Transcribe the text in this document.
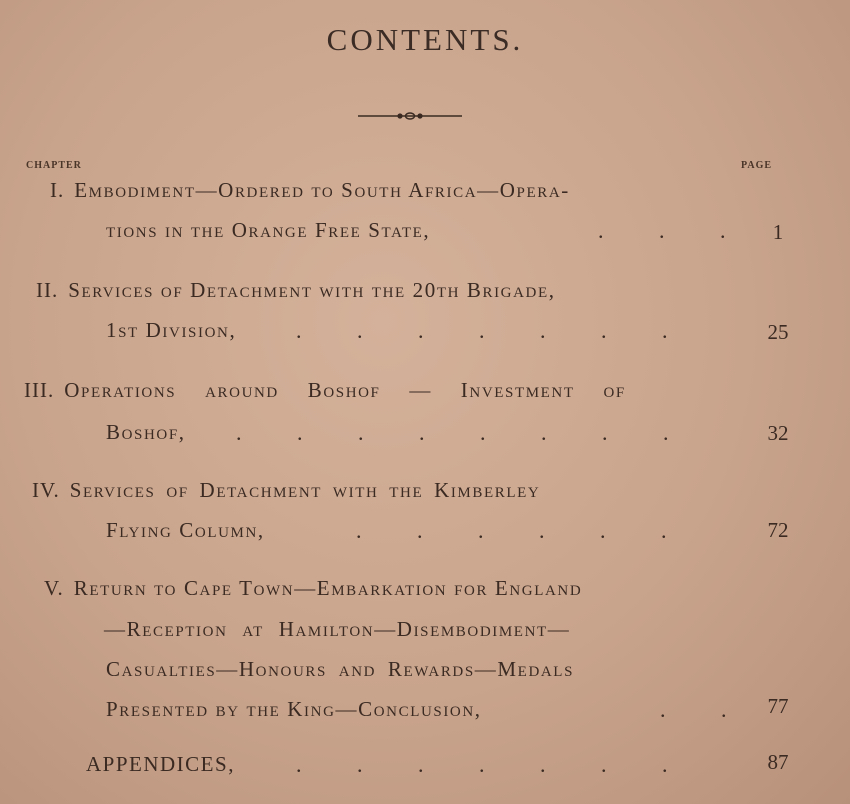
CONTENTS.
CHAPTER	PAGE
I. Embodiment—Ordered to South Africa—Opera-
tions in the Orange Free State,	.	.	.	1
II. Services of Detachment with the 20th Brigade,
1st Division,	.	.	.	.	.	.	.	25
III. Operations around Boshof — Investment of
Boshof, .	.	.	.	.	.	.	.	32
IV. Services of Detachment with the Kimberley
Flying Column,	.	.	.	.	.	.	72
V. Return to Cape Town—Embarkation for England
—Reception at Hamilton—Disembodiment—
Casualties—Honours and Rewards—Medals
Presented by the King—Conclusion,	.	.	77
APPENDICES,	.	.	.	.	.	.	.	87
